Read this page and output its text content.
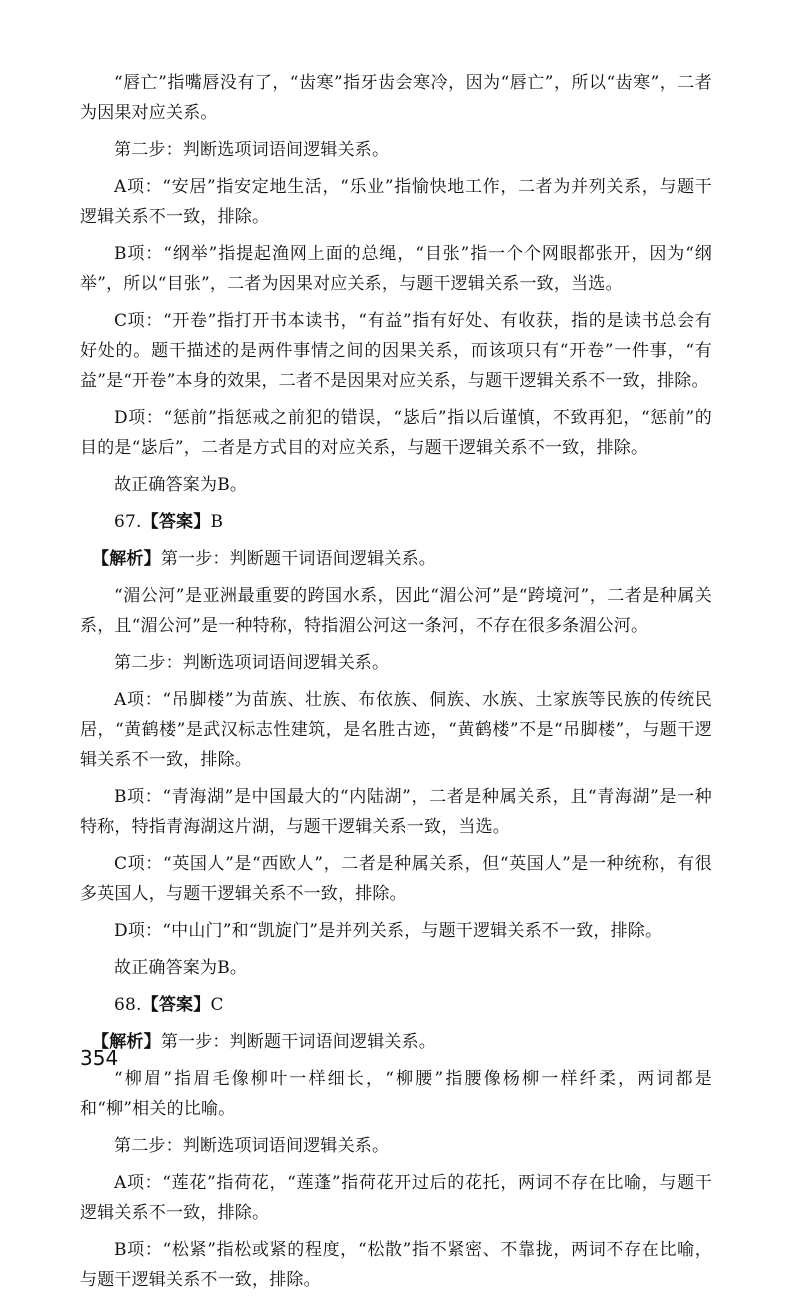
“唇亡”指嘴唇没有了，“齿寒”指牙齿会寒冷，因为“唇亡”，所以“齿寒”，二者为因果对应关系。

第二步：判断选项词语间逻辑关系。

A项：“安居”指安定地生活，“乐业”指愉快地工作，二者为并列关系，与题干逻辑关系不一致，排除。

B项：“纲举”指提起渔网上面的总绳，“目张”指一个个网眼都张开，因为“纲举”，所以“目张”，二者为因果对应关系，与题干逻辑关系一致，当选。

C项：“开卷”指打开书本读书，“有益”指有好处、有收获，指的是读书总会有好处的。题干描述的是两件事情之间的因果关系，而该项只有“开卷”一件事，“有益”是“开卷”本身的效果，二者不是因果对应关系，与题干逻辑关系不一致，排除。

D项：“惩前”指惩戒之前犯的错误，“毖后”指以后谨慎，不致再犯，“惩前”的目的是“毖后”，二者是方式目的对应关系，与题干逻辑关系不一致，排除。

故正确答案为B。

67.【答案】B

【解析】第一步：判断题干词语间逻辑关系。

“湄公河”是亚洲最重要的跨国水系，因此“湄公河”是“跨境河”，二者是种属关系，且“湄公河”是一种特称，特指湄公河这一条河，不存在很多条湄公河。

第二步：判断选项词语间逻辑关系。

A项：“吊脚楼”为苗族、壮族、布依族、侗族、水族、土家族等民族的传统民居，“黄鹤楼”是武汉标志性建筑，是名胜古迹，“黄鹤楼”不是“吊脚楼”，与题干逻辑关系不一致，排除。

B项：“青海湖”是中国最大的“内陆湖”，二者是种属关系，且“青海湖”是一种特称，特指青海湖这片湖，与题干逻辑关系一致，当选。

C项：“英国人”是“西欧人”，二者是种属关系，但“英国人”是一种统称，有很多英国人，与题干逻辑关系不一致，排除。

D项：“中山门”和“凯旋门”是并列关系，与题干逻辑关系不一致，排除。

故正确答案为B。

68.【答案】C

【解析】第一步：判断题干词语间逻辑关系。

“柳眉”指眉毛像柳叶一样细长，“柳腰”指腰像杨柳一样纤柔，两词都是和“柳”相关的比喻。

第二步：判断选项词语间逻辑关系。

A项：“莲花”指荷花，“莲蓬”指荷花开过后的花托，两词不存在比喻，与题干逻辑关系不一致，排除。

B项：“松紧”指松或紧的程度，“松散”指不紧密、不靠拢，两词不存在比喻，与题干逻辑关系不一致，排除。

354
